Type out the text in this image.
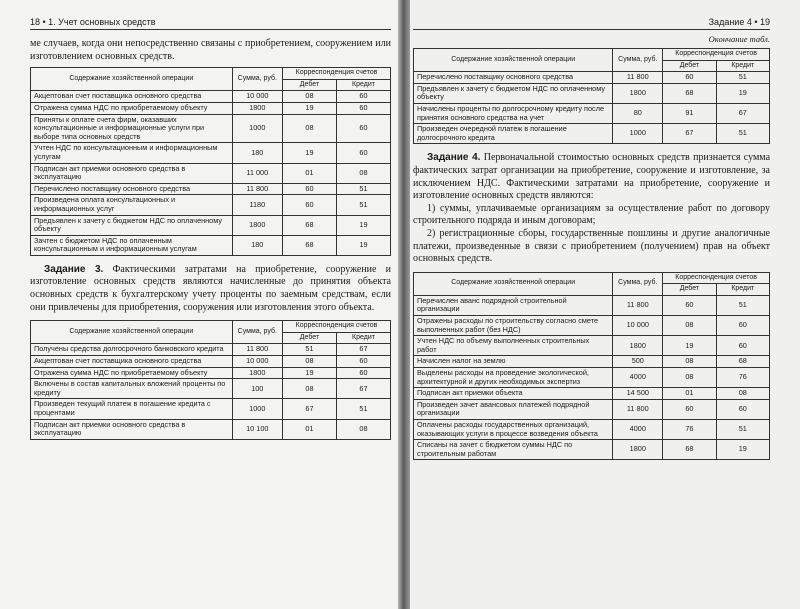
18 • 1. Учет основных средств

ме случаев, когда они непосредственно связаны с приобретением, сооружением или изготовлением основных средств.

Содержание хозяйственной операции	Сумма, руб.	Корреспонденция счетов	
		Дебет	Кредит
Акцептован счет поставщика основного средства	10 000	08	60
Отражена сумма НДС по приобретаемому объекту	1800	19	60
Приняты к оплате счета фирм, оказавших консультационные и информационные услуги при выборе типа основных средств	1000	08	60
Учтен НДС по консультационным и информационным услугам	180	19	60
Подписан акт приемки основного средства в эксплуатацию	11 000	01	08
Перечислено поставщику основного средства	11 800	60	51
Произведена оплата консультационных и информационных услуг	1180	60	51
Предъявлен к зачету с бюджетом НДС по оплаченному объекту	1800	68	19
Зачтен с бюджетом НДС по оплаченным консультационным и информационным услугам	180	68	19

Задание 3. Фактическими затратами на приобретение, сооружение и изготовление основных средств являются начисленные до принятия объекта основных средств к бухгалтерскому учету проценты по заемным средствам, если они привлечены для приобретения, сооружения или изготовления этого объекта.

Содержание хозяйственной операции	Сумма, руб.	Корреспонденция счетов	
		Дебет	Кредит
Получены средства долгосрочного банковского кредита	11 800	51	67
Акцептован счет поставщика основного средства	10 000	08	60
Отражена сумма НДС по приобретаемому объекту	1800	19	60
Включены в состав капитальных вложений проценты по кредиту	100	08	67
Произведен текущий платеж в погашение кредита с процентами	1000	67	51
Подписан акт приемки основного средства в эксплуатацию	10 100	01	08
Задание 4 • 19
Окончание табл.
Содержание хозяйственной операции	Сумма, руб.	Корреспонденция счетов	
		Дебет	Кредит
Перечислено поставщику основного средства	11 800	60	51
Предъявлен к зачету с бюджетом НДС по оплаченному объекту	1800	68	19
Начислены проценты по долгосрочному кредиту после принятия основного средства на учет	80	91	67
Произведен очередной платеж в погашение долгосрочного кредита	1000	67	51

Задание 4. Первоначальной стоимостью основных средств признается сумма фактических затрат организации на приобретение, сооружение и изготовление, за исключением НДС. Фактическими затратами на приобретение, сооружение и изготовление основных средств являются:

1) суммы, уплачиваемые организациям за осуществление работ по договору строительного подряда и иным договорам;

2) регистрационные сборы, государственные пошлины и другие аналогичные платежи, произведенные в связи с приобретением (получением) прав на объект основных средств.

Содержание хозяйственной операции	Сумма, руб.	Корреспонденция счетов	
		Дебет	Кредит
Перечислен аванс подрядной строительной организации	11 800	60	51
Отражены расходы по строительству согласно смете выполненных работ (без НДС)	10 000	08	60
Учтен НДС по объему выполненных строительных работ	1800	19	60
Начислен налог на землю	500	08	68
Выделены расходы на проведение экологической, архитектурной и других необходимых экспертиз	4000	08	76
Подписан акт приемки объекта	14 500	01	08
Произведен зачет авансовых платежей подрядной организации	11 800	60	60
Оплачены расходы государственных организаций, оказывающих услуги в процессе возведения объекта	4000	76	51
Списаны на зачет с бюджетом суммы НДС по строительным работам	1800	68	19
